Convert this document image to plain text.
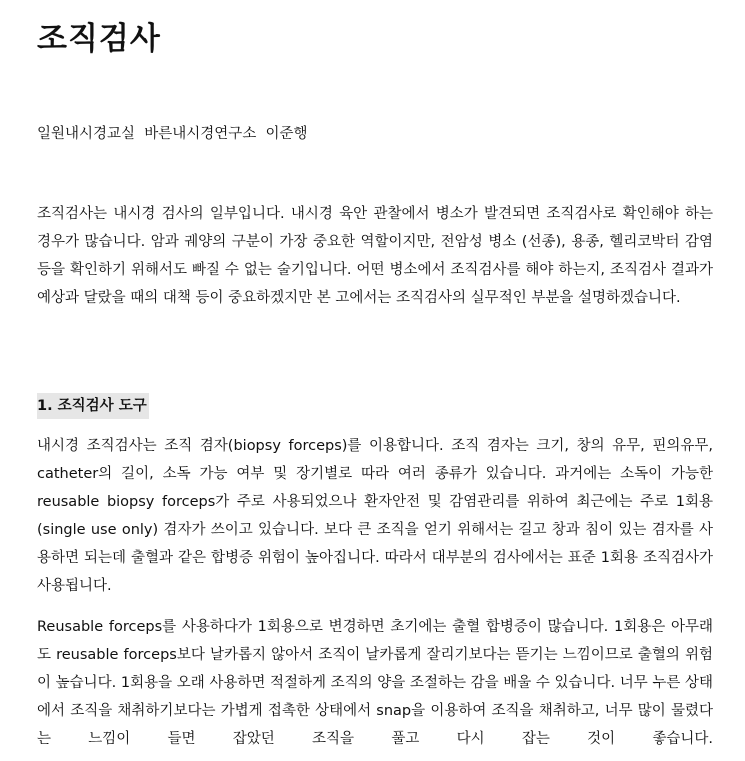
조직검사
일원내시경교실  바른내시경연구소  이준행

조직검사는 내시경 검사의 일부입니다. 내시경 육안 관찰에서 병소가 발견되면 조직검사로 확인해야 하는 경우가 많습니다. 암과 궤양의 구분이 가장 중요한 역할이지만, 전암성 병소 (선종), 용종, 헬리코박터 감염 등을 확인하기 위해서도 빠질 수 없는 술기입니다. 어떤 병소에서 조직검사를 해야 하는지, 조직검사 결과가 예상과 달랐을 때의 대책 등이 중요하겠지만 본 고에서는 조직검사의 실무적인 부분을 설명하겠습니다.

1. 조직검사 도구

내시경 조직검사는 조직 겸자(biopsy forceps)를 이용합니다. 조직 겸자는 크기, 창의 유무, 핀의유무, catheter의 길이, 소독 가능 여부 및 장기별로 따라 여러 종류가 있습니다. 과거에는 소독이 가능한 reusable biopsy forceps가 주로 사용되었으나 환자안전 및 감염관리를 위하여 최근에는 주로 1회용 (single use only) 겸자가 쓰이고 있습니다. 보다 큰 조직을 얻기 위해서는 길고 창과 침이 있는 겸자를 사용하면 되는데 출혈과 같은 합병증 위험이 높아집니다. 따라서 대부분의 검사에서는 표준 1회용 조직검사가 사용됩니다.

Reusable forceps를 사용하다가 1회용으로 변경하면 초기에는 출혈 합병증이 많습니다. 1회용은 아무래도 reusable forceps보다 날카롭지 않아서 조직이 날카롭게 잘리기보다는 뜯기는 느낌이므로 출혈의 위험이 높습니다. 1회용을 오래 사용하면 적절하게 조직의 양을 조절하는 감을 배울 수 있습니다. 너무 누른 상태에서 조직을 채취하기보다는 가볍게 접촉한 상태에서 snap을 이용하여 조직을 채취하고, 너무 많이 물렸다는 느낌이 들면 잡았던 조직을 풀고 다시 잡는 것이 좋습니다.
